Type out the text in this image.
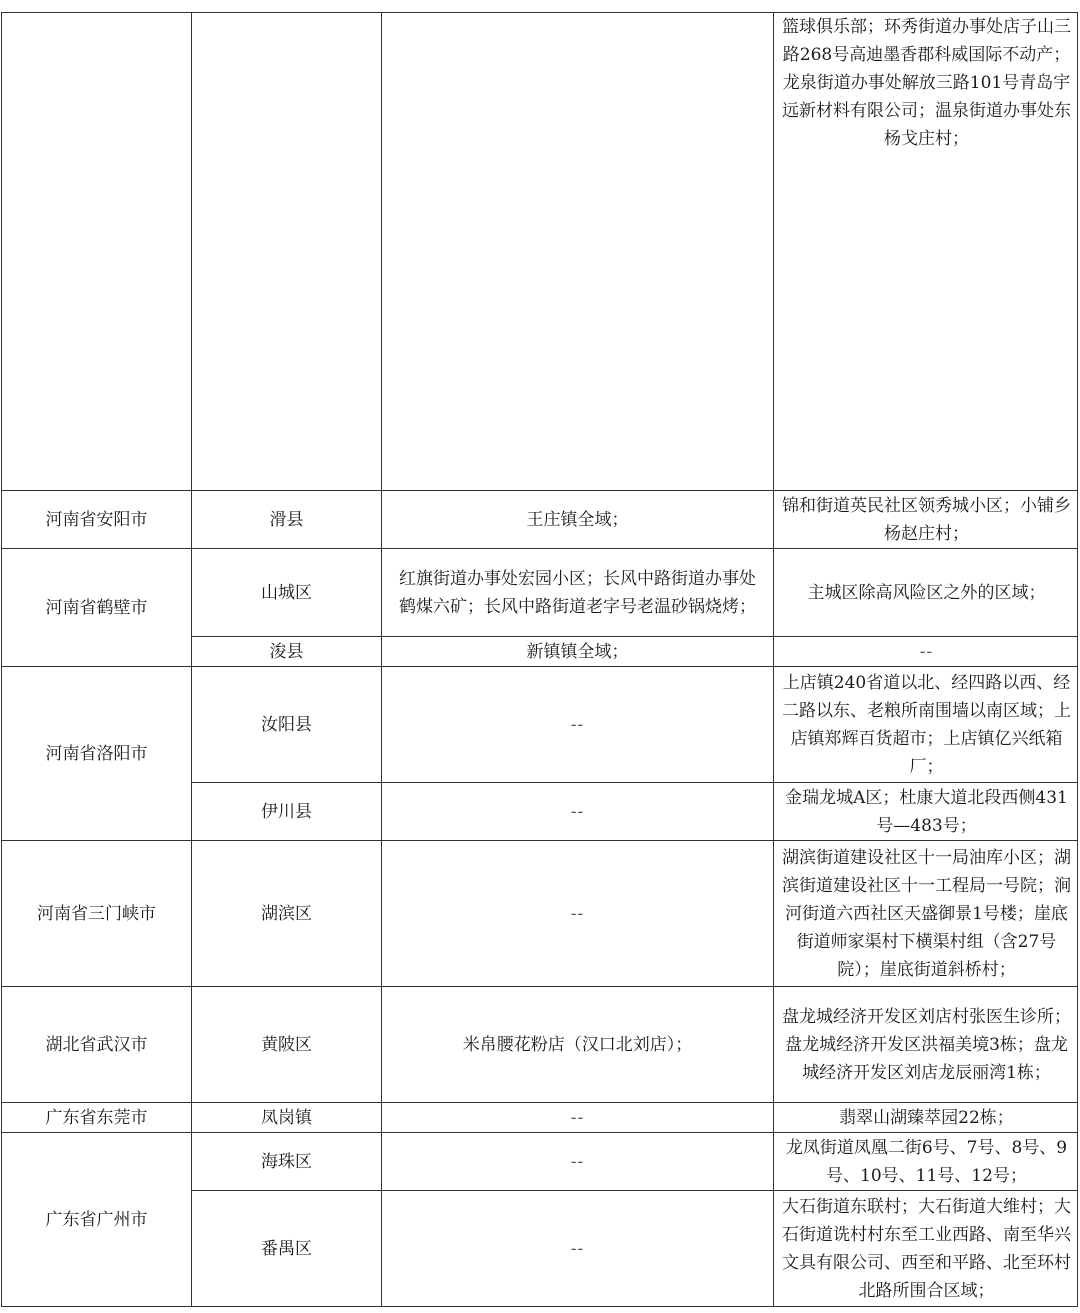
			篮球俱乐部；环秀街道办事处店子山三路268号高迪墨香郡科威国际不动产；龙泉街道办事处解放三路101号青岛宇远新材料有限公司；温泉街道办事处东杨戈庄村；
河南省安阳市	滑县	王庄镇全域；	锦和街道英民社区领秀城小区；小铺乡杨赵庄村；
河南省鹤壁市	山城区	红旗街道办事处宏园小区；长风中路街道办事处鹤煤六矿；长风中路街道老字号老温砂锅烧烤；	主城区除高风险区之外的区域；
	浚县	新镇镇全域；	--
河南省洛阳市	汝阳县	--	上店镇240省道以北、经四路以西、经二路以东、老粮所南围墙以南区域；上店镇郑辉百货超市；上店镇亿兴纸箱厂；
	伊川县	--	金瑞龙城A区；杜康大道北段西侧431号—483号；
河南省三门峡市	湖滨区	--	湖滨街道建设社区十一局油库小区；湖滨街道建设社区十一工程局一号院；涧河街道六西社区天盛御景1号楼；崖底街道师家渠村下横渠村组（含27号院）；崖底街道斜桥村；
湖北省武汉市	黄陂区	米帛腰花粉店（汉口北刘店）；	盘龙城经济开发区刘店村张医生诊所；盘龙城经济开发区洪福美境3栋；盘龙城经济开发区刘店龙辰丽湾1栋；
广东省东莞市	凤岗镇	--	翡翠山湖臻萃园22栋；
广东省广州市	海珠区	--	龙凤街道凤凰二街6号、7号、8号、9号、10号、11号、12号；
	番禺区	--	大石街道东联村；大石街道大维村；大石街道诜村村东至工业西路、南至华兴文具有限公司、西至和平路、北至环村北路所围合区域；
